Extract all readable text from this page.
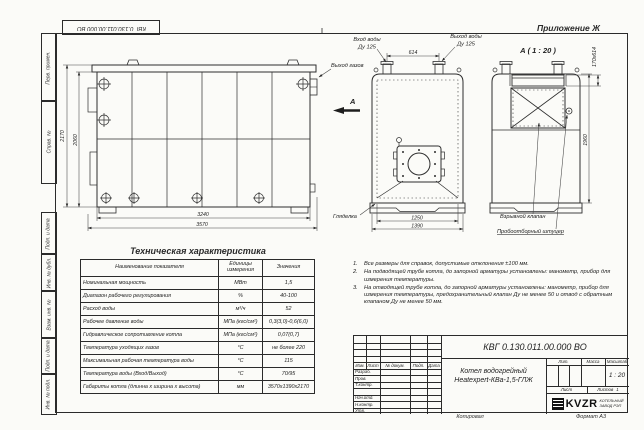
Перв. примен.
Справ. №
Подп. и дата
Инв. № дубл.
Взам. инв. №
Подп. и дата
Инв. № подл.
КВГ 0.130.011.00.000 ВО	Приложение Ж
2170 2060
3240
3570
614
1250
1390
1960
170х614
А ( 1 : 20 )
А
Выход газов
Вход воды
Ду 125
Выход воды
Ду 125
Гляделка	Взрывной клапан
Пробоотборный штуцер
Техническая характеристика
Наименование показателя	Единицы измерения	Значения
Номинальная мощность	МВт	1,5
Диапазон рабочего регулирования	%	40-100
Расход воды	м³/ч	52
Рабочее давление воды	МПа (кгс/см²)	0,3(3,0)-0,6(6,0)
Гидравлическое сопротивление котла	МПа (кгс/см²)	0,07(0,7)
Температура уходящих газов	°С	не более 220
Максимальная рабочая температура воды	°С	115
Температура воды (Вход/Выход)	°С	70/95
Габариты котла (длинна х ширина х высота)	мм	3570х1390х2170
1.	Все размеры для справок, допустимые отклонения ±100 мм.
2.	На подводящей трубе котла, до запорной арматуры установлены: манометр, прибор для измерения температуры.
3.	На отводящей трубе котла, до запорной арматуры установлены: манометр, прибор для измерения температуры, предохранительный клапан Ду не менее 50 и отвод с обратным клапаном Ду не менее 50 мм.
Изм. Лист	№ докум.	Подп. Дата
Разраб.
Пров.
Т.контр.
Нач.отд.
Н.контр.
Утв.
КВГ 0.130.011.00.000 ВО
Котел водогрейный
Heatexpert-КВа-1,5-ГЛЖ
Лит.	Масса	Масштаб
1 : 20
Лист	Листов 1
KVZR КОТЕЛЬНЫЙ
ЗАВОД РЭП
Копировал	Формат А3
